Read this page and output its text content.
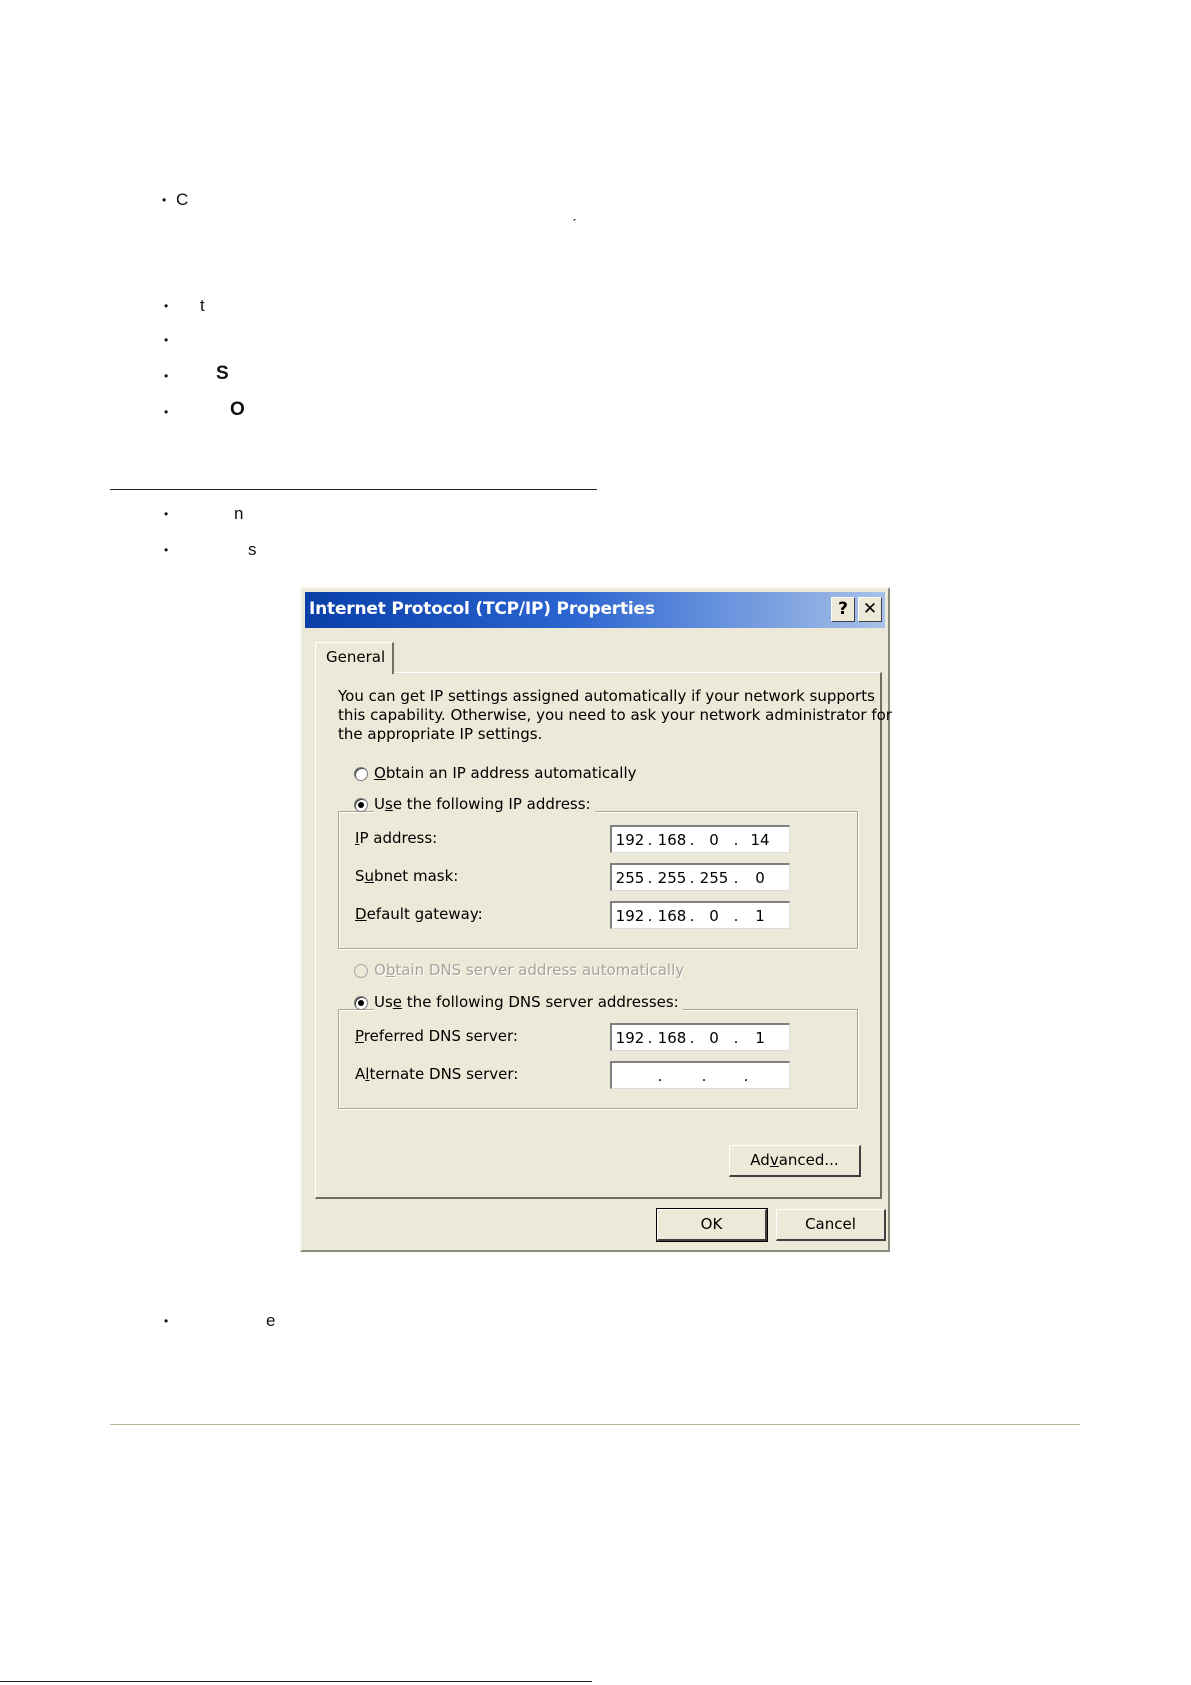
• C
ˊ
• t
•
•	S
•	O
•	n
•	s
•	e
Internet Protocol (TCP/IP) Properties	? ✕
General
You can get IP settings assigned automatically if your network supports
this capability. Otherwise, you need to ask your network administrator for
the appropriate IP settings.
Obtain an IP address automatically
Use the following IP address:
IP address:	192 . 168 . 0 . 14
Subnet mask:	255 . 255 . 255 .	0
Default gateway:	192 . 168 . 0 .	1
Obtain DNS server address automatically
Use the following DNS server addresses:
Preferred DNS server:	192 . 168 . 0 .	1
Alternate DNS server:	.	. .
Advanced...
OK	Cancel
